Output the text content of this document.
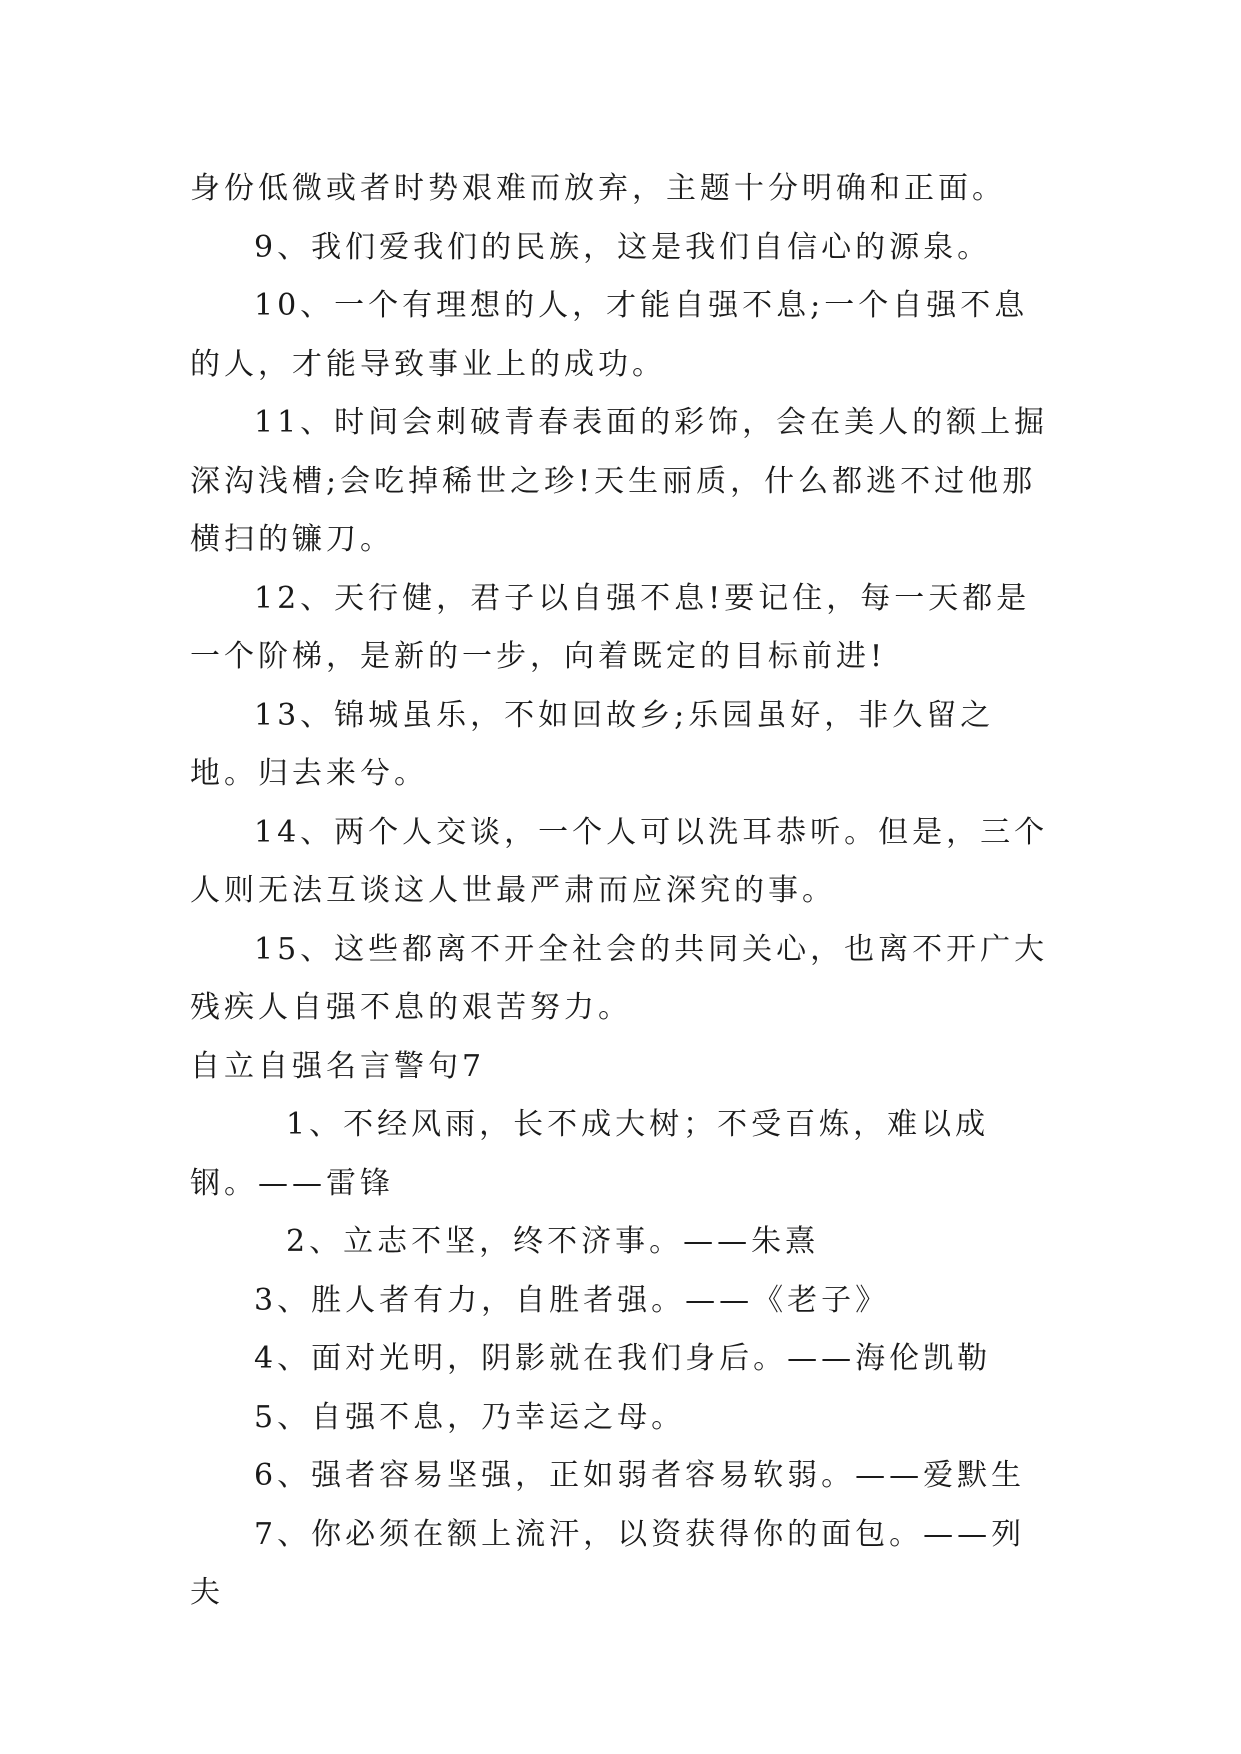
身份低微或者时势艰难而放弃，主题十分明确和正面。

9、我们爱我们的民族，这是我们自信心的源泉。

10、一个有理想的人，才能自强不息;一个自强不息的人，才能导致事业上的成功。

11、时间会刺破青春表面的彩饰，会在美人的额上掘深沟浅槽;会吃掉稀世之珍!天生丽质，什么都逃不过他那横扫的镰刀。

12、天行健，君子以自强不息!要记住，每一天都是一个阶梯，是新的一步，向着既定的目标前进!

13、锦城虽乐，不如回故乡;乐园虽好，非久留之地。归去来兮。

14、两个人交谈，一个人可以洗耳恭听。但是，三个人则无法互谈这人世最严肃而应深究的事。

15、这些都离不开全社会的共同关心，也离不开广大残疾人自强不息的艰苦努力。

自立自强名言警句7

1、不经风雨，长不成大树；不受百炼，难以成钢。——雷锋

2、立志不坚，终不济事。——朱熹

3、胜人者有力，自胜者强。——《老子》

4、面对光明，阴影就在我们身后。——海伦凯勒

5、自强不息，乃幸运之母。

6、强者容易坚强，正如弱者容易软弱。——爱默生

7、你必须在额上流汗，以资获得你的面包。——列夫
